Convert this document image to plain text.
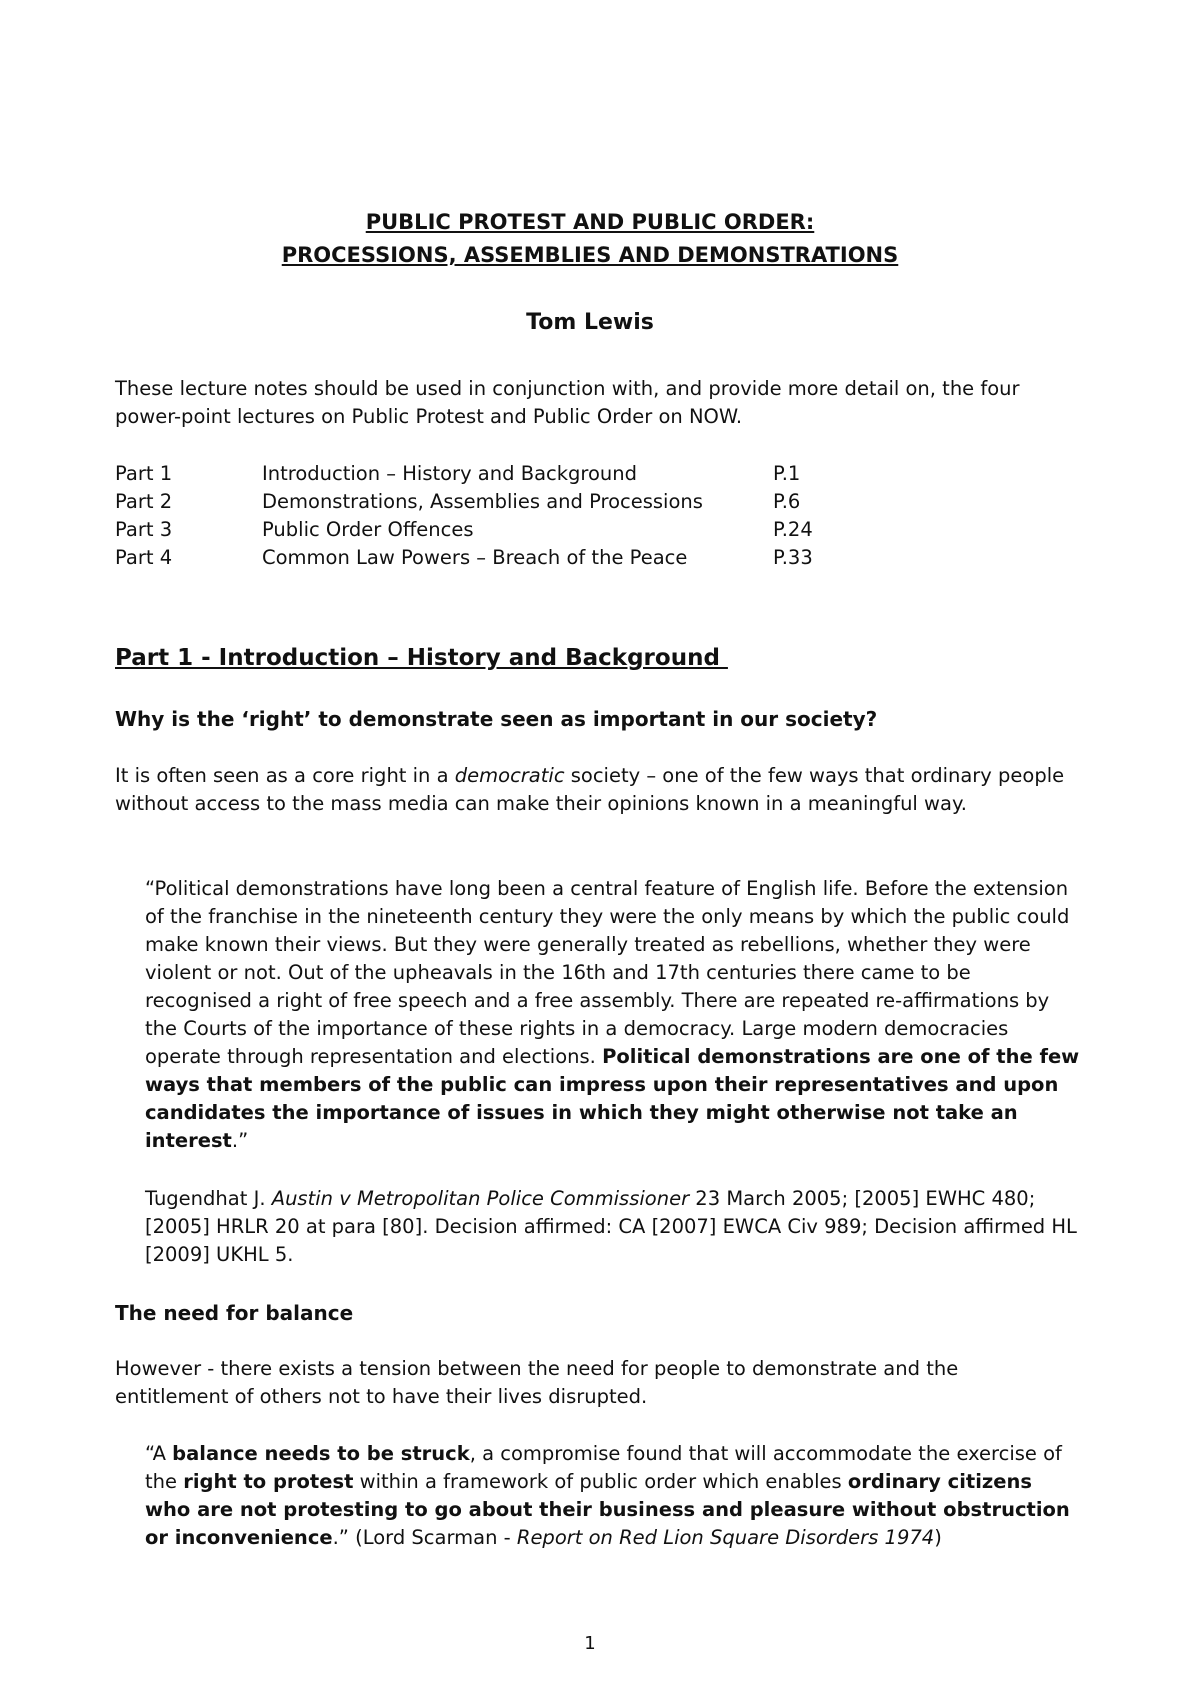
PUBLIC PROTEST AND PUBLIC ORDER:
PROCESSIONS, ASSEMBLIES AND DEMONSTRATIONS
Tom Lewis

These lecture notes should be used in conjunction with, and provide more detail on, the four power-point lectures on Public Protest and Public Order on NOW.

Part 1	Introduction – History and Background	P.1
Part 2	Demonstrations, Assemblies and Processions	P.6
Part 3	Public Order Offences	P.24
Part 4	Common Law Powers – Breach of the Peace	P.33
Part 1 - Introduction – History and Background
Why is the ‘right’ to demonstrate seen as important in our society?

It is often seen as a core right in a democratic society – one of the few ways that ordinary people without access to the mass media can make their opinions known in a meaningful way.

“Political demonstrations have long been a central feature of English life. Before the extension of the franchise in the nineteenth century they were the only means by which the public could make known their views. But they were generally treated as rebellions, whether they were violent or not. Out of the upheavals in the 16th and 17th centuries there came to be recognised a right of free speech and a free assembly. There are repeated re-affirmations by the Courts of the importance of these rights in a democracy. Large modern democracies operate through representation and elections. Political demonstrations are one of the few ways that members of the public can impress upon their representatives and upon candidates the importance of issues in which they might otherwise not take an interest.”

Tugendhat J. Austin v Metropolitan Police Commissioner 23 March 2005; [2005] EWHC 480; [2005] HRLR 20 at para [80]. Decision affirmed: CA [2007] EWCA Civ 989; Decision affirmed HL [2009] UKHL 5.

The need for balance

However - there exists a tension between the need for people to demonstrate and the entitlement of others not to have their lives disrupted.

“A balance needs to be struck, a compromise found that will accommodate the exercise of the right to protest within a framework of public order which enables ordinary citizens who are not protesting to go about their business and pleasure without obstruction or inconvenience.” (Lord Scarman - Report on Red Lion Square Disorders 1974)

1
